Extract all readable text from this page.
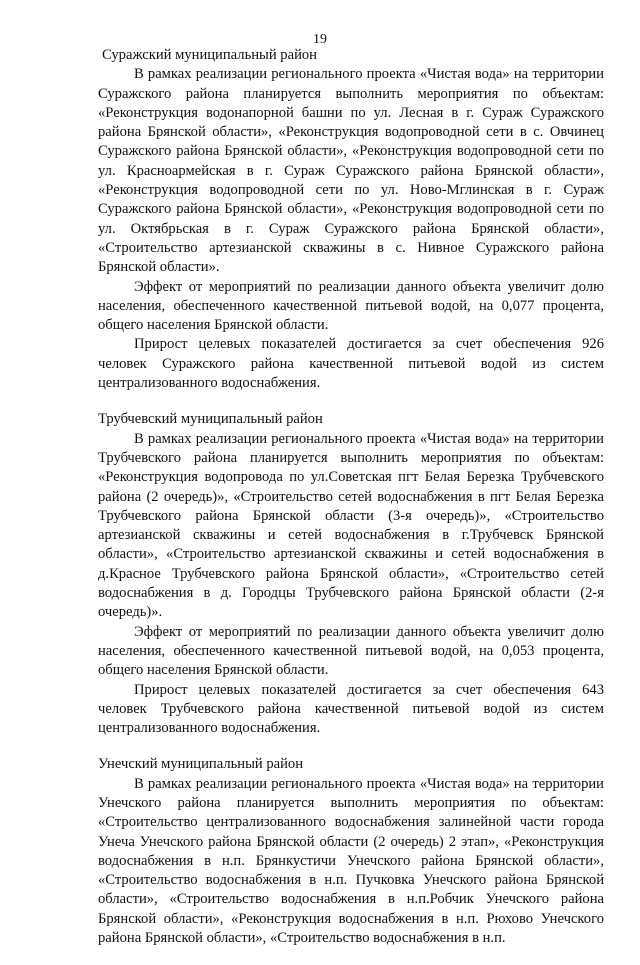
19

Суражский муниципальный район

В рамках реализации регионального проекта «Чистая вода» на территории Суражского района планируется выполнить мероприятия по объектам: «Реконструкция водонапорной башни по ул. Лесная в г. Сураж Суражского района Брянской области», «Реконструкция водопроводной сети в с. Овчинец Суражского района Брянской области», «Реконструкция водопроводной сети по ул. Красноармейская в г. Сураж Суражского района Брянской области», «Реконструкция водопроводной сети по ул. Ново-Мглинская в г. Сураж Суражского района Брянской области», «Реконструкция водопроводной сети по ул. Октябрьская в г. Сураж Суражского района Брянской области», «Строительство артезианской скважины в с. Нивное Суражского района Брянской области».

Эффект от мероприятий по реализации данного объекта увеличит долю населения, обеспеченного качественной питьевой водой, на 0,077 процента, общего населения Брянской области.

Прирост целевых показателей достигается за счет обеспечения 926 человек Суражского района качественной питьевой водой из систем централизованного водоснабжения.

Трубчевский муниципальный район

В рамках реализации регионального проекта «Чистая вода» на территории Трубчевского района планируется выполнить мероприятия по объектам: «Реконструкция водопровода по ул.Советская пгт Белая Березка Трубчевского района (2 очередь)», «Строительство сетей водоснабжения в пгт Белая Березка Трубчевского района Брянской области (3-я очередь)», «Строительство артезианской скважины и сетей водоснабжения в г.Трубчевск Брянской области», «Строительство артезианской скважины и сетей водоснабжения в д.Красное Трубчевского района Брянской области», «Строительство сетей водоснабжения в д. Городцы Трубчевского района Брянской области (2-я очередь)».

Эффект от мероприятий по реализации данного объекта увеличит долю населения, обеспеченного качественной питьевой водой, на 0,053 процента, общего населения Брянской области.

Прирост целевых показателей достигается за счет обеспечения 643 человек Трубчевского района качественной питьевой водой из систем централизованного водоснабжения.

Унечский муниципальный район

В рамках реализации регионального проекта «Чистая вода» на территории Унечского района планируется выполнить мероприятия по объектам: «Строительство централизованного водоснабжения залинейной части города Унеча Унечского района Брянской области (2 очередь) 2 этап», «Реконструкция водоснабжения в н.п. Брянкустичи Унечского района Брянской области», «Строительство водоснабжения в н.п. Пучковка Унечского района Брянской области», «Строительство водоснабжения в н.п.Робчик Унечского района Брянской области», «Реконструкция водоснабжения в н.п. Рюхово Унечского района Брянской области», «Строительство водоснабжения в н.п.
